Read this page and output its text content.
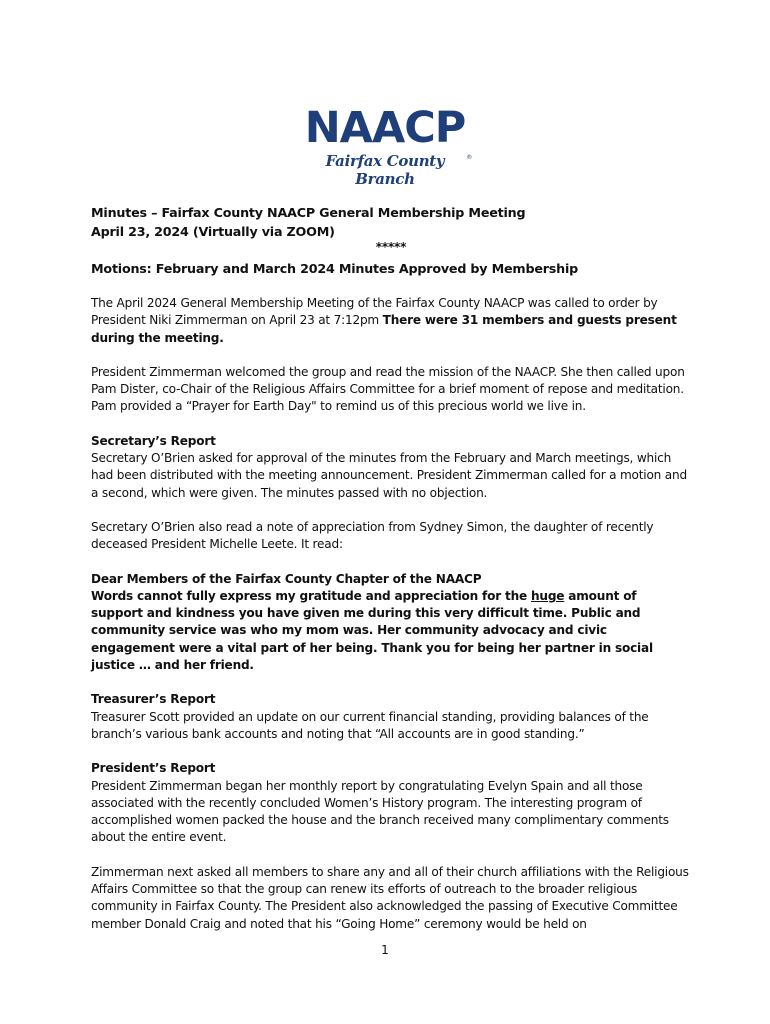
NAACP
®
Fairfax County Branch

Minutes – Fairfax County NAACP General Membership Meeting

April 23, 2024 (Virtually via ZOOM)

*****

Motions: February and March 2024 Minutes Approved by Membership

The April 2024 General Membership Meeting of the Fairfax County NAACP was called to order by President Niki Zimmerman on April 23 at 7:12pm There were 31 members and guests present during the meeting.

President Zimmerman welcomed the group and read the mission of the NAACP. She then called upon Pam Dister, co-Chair of the Religious Affairs Committee for a brief moment of repose and meditation. Pam provided a “Prayer for Earth Day" to remind us of this precious world we live in.

Secretary’s Report

Secretary O’Brien asked for approval of the minutes from the February and March meetings, which had been distributed with the meeting announcement. President Zimmerman called for a motion and a second, which were given. The minutes passed with no objection.

Secretary O’Brien also read a note of appreciation from Sydney Simon, the daughter of recently deceased President Michelle Leete. It read:

Dear Members of the Fairfax County Chapter of the NAACP

Words cannot fully express my gratitude and appreciation for the huge amount of support and kindness you have given me during this very difficult time. Public and community service was who my mom was. Her community advocacy and civic engagement were a vital part of her being. Thank you for being her partner in social justice … and her friend.

Treasurer’s Report

Treasurer Scott provided an update on our current financial standing, providing balances of the branch’s various bank accounts and noting that “All accounts are in good standing.”

President’s Report

President Zimmerman began her monthly report by congratulating Evelyn Spain and all those associated with the recently concluded Women’s History program. The interesting program of accomplished women packed the house and the branch received many complimentary comments about the entire event.

Zimmerman next asked all members to share any and all of their church affiliations with the Religious Affairs Committee so that the group can renew its efforts of outreach to the broader religious community in Fairfax County. The President also acknowledged the passing of Executive Committee member Donald Craig and noted that his “Going Home” ceremony would be held on

1
